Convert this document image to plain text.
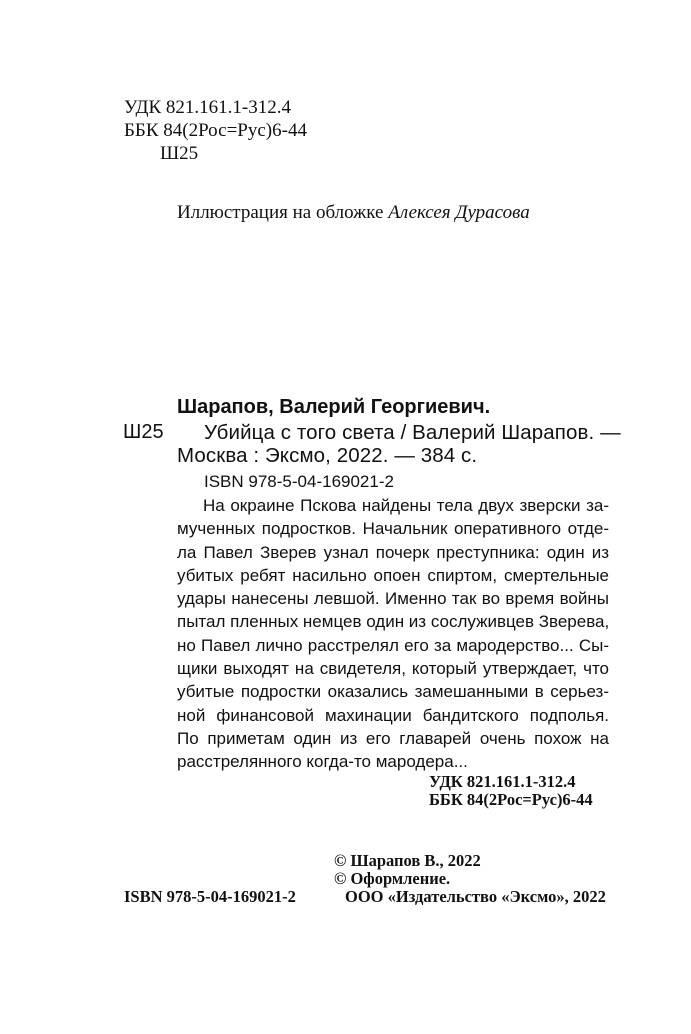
УДК 821.161.1-312.4
ББК 84(2Рос=Рус)6-44
Ш25
Иллюстрация на обложке Алексея Дурасова
Шарапов, Валерий Георгиевич.
Ш25 Убийца с того света / Валерий Шарапов. —
Москва : Эксмо, 2022. — 384 с.
ISBN 978-5-04-169021-2
На окраине Пскова найдены тела двух зверски за-
мученных подростков. Начальник оперативного отде-
ла Павел Зверев узнал почерк преступника: один из
убитых ребят насильно опоен спиртом, смертельные
удары нанесены левшой. Именно так во время войны
пытал пленных немцев один из сослуживцев Зверева,
но Павел лично расстрелял его за мародерство... Сы-
щики выходят на свидетеля, который утверждает, что
убитые подростки оказались замешанными в серьез-
ной финансовой махинации бандитского подполья.
По приметам один из его главарей очень похож на
расстрелянного когда-то мародера...
УДК 821.161.1-312.4
ББК 84(2Рос=Рус)6-44
© Шарапов В., 2022
© Оформление.
ISBN 978-5-04-169021-2	ООО «Издательство «Эксмо», 2022
